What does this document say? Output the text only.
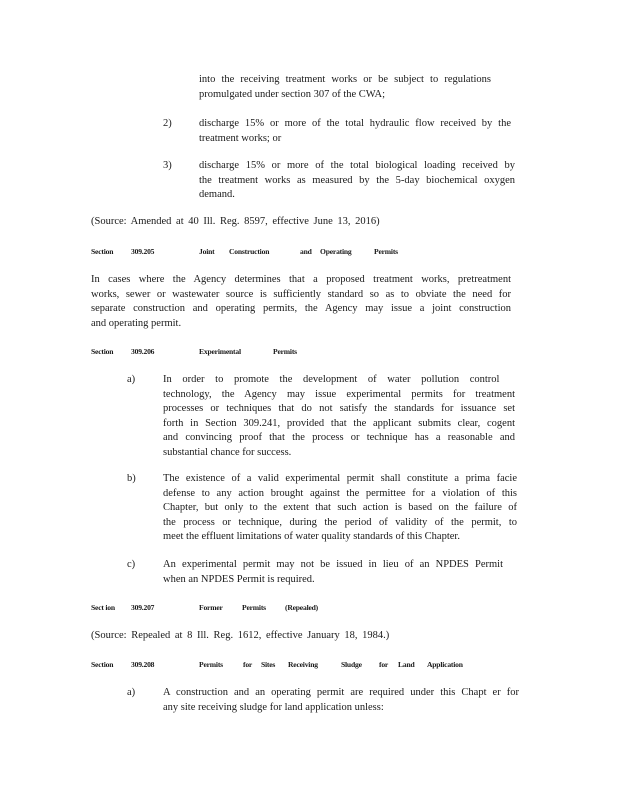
into the receiving treatment works or be subject to regulations
promulgated under section 307 of the CWA;
2)	discharge 15% or more of the total hydraulic flow received by the
treatment works; or
3)	discharge 15% or more of the total biological loading received by
the treatment works as measured by the 5-day biochemical oxygen
demand.
(Source: Amended at 40 Ill. Reg. 8597, effective June 13, 2016)
Section 309.205	Joint Construction	and Operating	Permits
In cases where the Agency determines that a proposed treatment works, pretreatment
works, sewer or wastewater source is sufficiently standard so as to obviate the need for
separate construction and operating permits, the Agency may issue a joint construction
and operating permit.
Section 309.206	Experimental	Permits
a)	In order to promote the development of water pollution control
technology, the Agency may issue experimental permits for treatment
processes or techniques that do not satisfy the standards for issuance set
forth in Section 309.241, provided that the applicant submits clear, cogent
and convincing proof that the process or technique has a reasonable and
substantial chance for success.
b)	The existence of a valid experimental permit shall constitute a prima facie
defense to any action brought against the permittee for a violation of this
Chapter, but only to the extent that such action is based on the failure of
the process or technique, during the period of validity of the permit, to
meet the effluent limitations of water quality standards of this Chapter.
c)	An experimental permit may not be issued in lieu of an NPDES Permit
when an NPDES Permit is required.
Sect ion 309.207	Former	Permits	(Repealed)
(Source: Repealed at 8 Ill. Reg. 1612, effective January 18, 1984.)
Section 309.208	Permits	for Sites Receiving	Sludge for Land Application
a)	A construction and an operating permit are required under this Chapt er for
any site receiving sludge for land application unless:
